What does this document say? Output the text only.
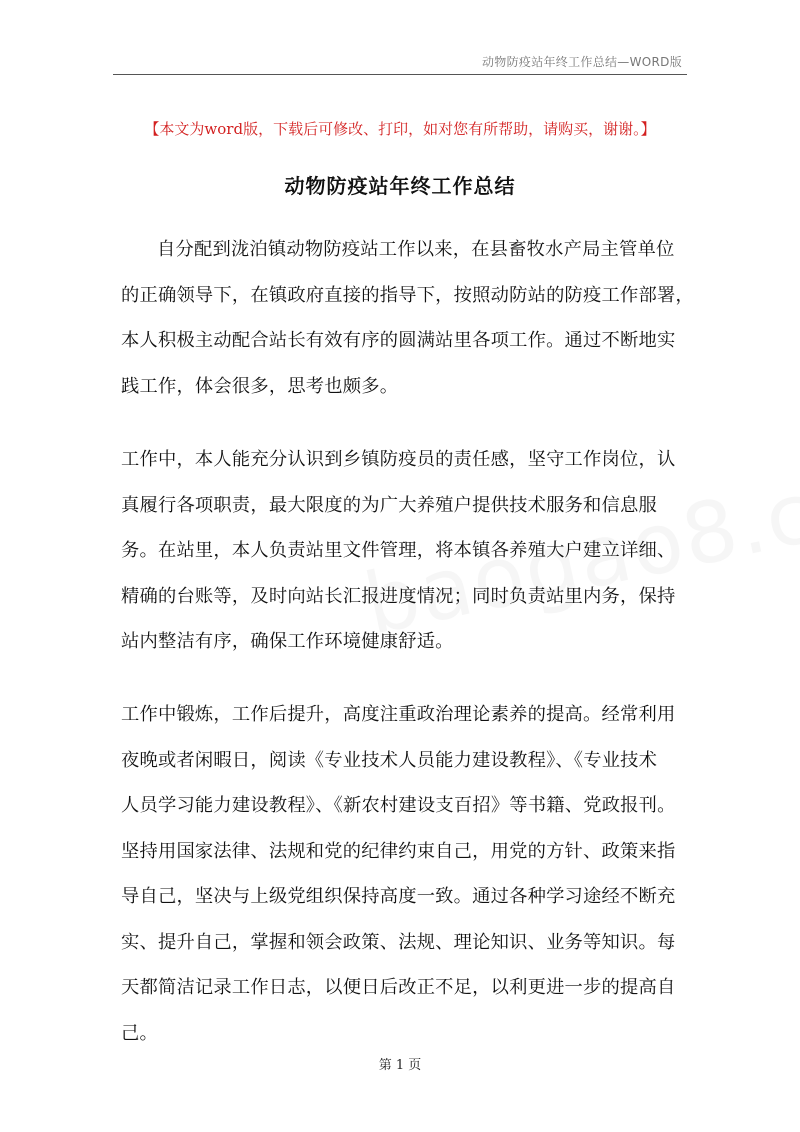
动物防疫站年终工作总结—WORD版
【本文为word版，下载后可修改、打印，如对您有所帮助，请购买，谢谢。】
动物防疫站年终工作总结
自分配到泷泊镇动物防疫站工作以来，在县畜牧水产局主管单位
的正确领导下，在镇政府直接的指导下，按照动防站的防疫工作部署，
本人积极主动配合站长有效有序的圆满站里各项工作。通过不断地实
践工作，体会很多，思考也颇多。
工作中，本人能充分认识到乡镇防疫员的责任感，坚守工作岗位，认
真履行各项职责，最大限度的为广大养殖户提供技术服务和信息服
务。在站里，本人负责站里文件管理，将本镇各养殖大户建立详细、
精确的台账等，及时向站长汇报进度情况；同时负责站里内务，保持
站内整洁有序，确保工作环境健康舒适。
工作中锻炼，工作后提升，高度注重政治理论素养的提高。经常利用
夜晚或者闲暇日，阅读《专业技术人员能力建设教程》、《专业技术
人员学习能力建设教程》、《新农村建设支百招》等书籍、党政报刊。
坚持用国家法律、法规和党的纪律约束自己，用党的方针、政策来指
导自己，坚决与上级党组织保持高度一致。通过各种学习途经不断充
实、提升自己，掌握和领会政策、法规、理论知识、业务等知识。每
天都简洁记录工作日志，以便日后改正不足，以利更进一步的提高自
己。
第 1 页
